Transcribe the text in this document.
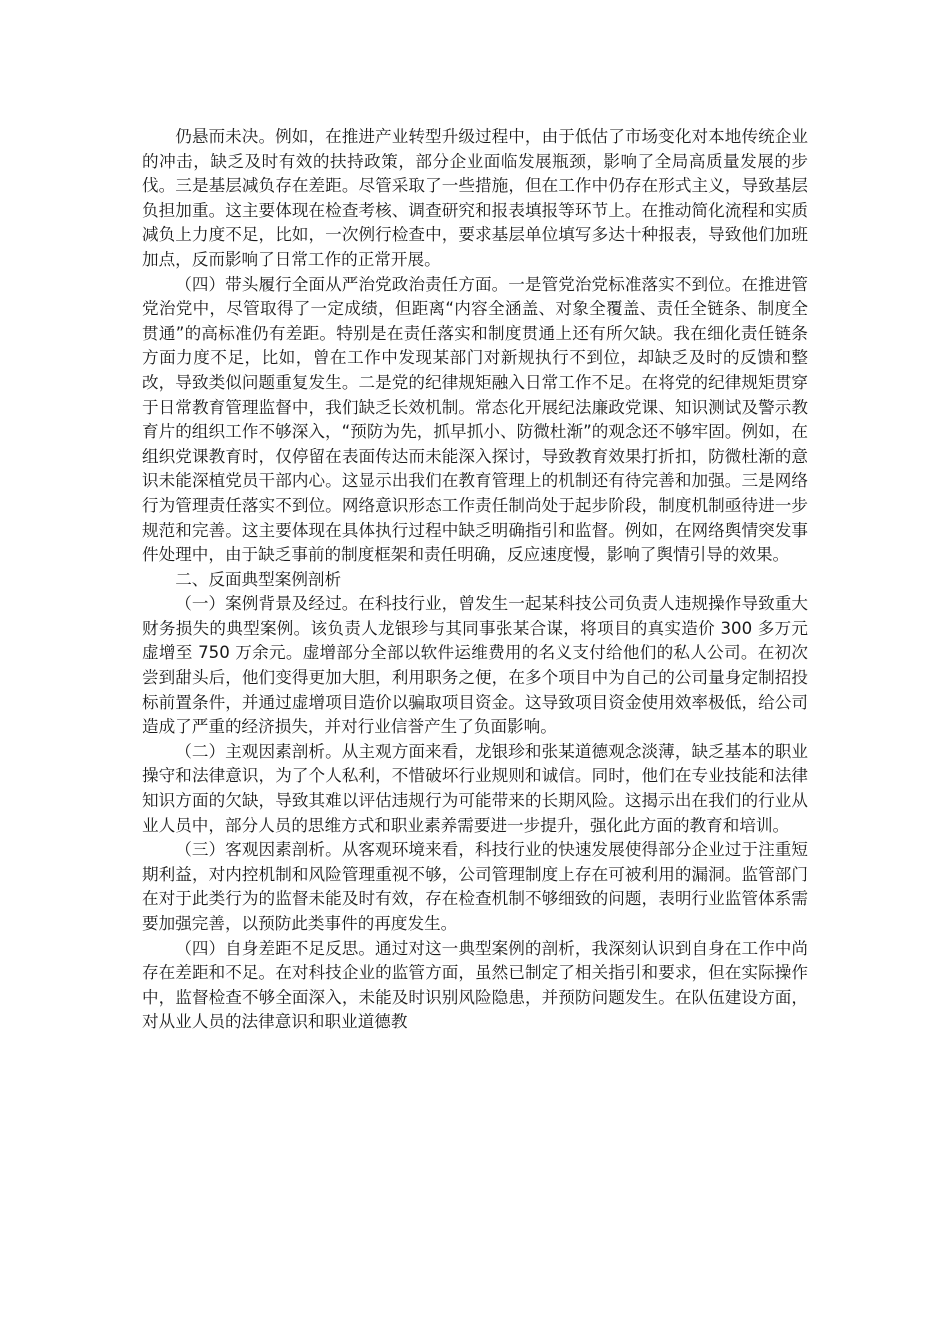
仍悬而未决。例如，在推进产业转型升级过程中，由于低估了市场变化对本地传统企业的冲击，缺乏及时有效的扶持政策，部分企业面临发展瓶颈，影响了全局高质量发展的步伐。三是基层减负存在差距。尽管采取了一些措施，但在工作中仍存在形式主义，导致基层负担加重。这主要体现在检查考核、调查研究和报表填报等环节上。在推动简化流程和实质减负上力度不足，比如，一次例行检查中，要求基层单位填写多达十种报表，导致他们加班加点，反而影响了日常工作的正常开展。

（四）带头履行全面从严治党政治责任方面。一是管党治党标准落实不到位。在推进管党治党中，尽管取得了一定成绩，但距离“内容全涵盖、对象全覆盖、责任全链条、制度全贯通”的高标准仍有差距。特别是在责任落实和制度贯通上还有所欠缺。我在细化责任链条方面力度不足，比如，曾在工作中发现某部门对新规执行不到位，却缺乏及时的反馈和整改，导致类似问题重复发生。二是党的纪律规矩融入日常工作不足。在将党的纪律规矩贯穿于日常教育管理监督中，我们缺乏长效机制。常态化开展纪法廉政党课、知识测试及警示教育片的组织工作不够深入，“预防为先，抓早抓小、防微杜渐”的观念还不够牢固。例如，在组织党课教育时，仅停留在表面传达而未能深入探讨，导致教育效果打折扣，防微杜渐的意识未能深植党员干部内心。这显示出我们在教育管理上的机制还有待完善和加强。三是网络行为管理责任落实不到位。网络意识形态工作责任制尚处于起步阶段，制度机制亟待进一步规范和完善。这主要体现在具体执行过程中缺乏明确指引和监督。例如，在网络舆情突发事件处理中，由于缺乏事前的制度框架和责任明确，反应速度慢，影响了舆情引导的效果。

二、反面典型案例剖析

（一）案例背景及经过。在科技行业，曾发生一起某科技公司负责人违规操作导致重大财务损失的典型案例。该负责人龙银珍与其同事张某合谋，将项目的真实造价 300 多万元虚增至 750 万余元。虚增部分全部以软件运维费用的名义支付给他们的私人公司。在初次尝到甜头后，他们变得更加大胆，利用职务之便，在多个项目中为自己的公司量身定制招投标前置条件，并通过虚增项目造价以骗取项目资金。这导致项目资金使用效率极低，给公司造成了严重的经济损失，并对行业信誉产生了负面影响。

（二）主观因素剖析。从主观方面来看，龙银珍和张某道德观念淡薄，缺乏基本的职业操守和法律意识，为了个人私利，不惜破坏行业规则和诚信。同时，他们在专业技能和法律知识方面的欠缺，导致其难以评估违规行为可能带来的长期风险。这揭示出在我们的行业从业人员中，部分人员的思维方式和职业素养需要进一步提升，强化此方面的教育和培训。

（三）客观因素剖析。从客观环境来看，科技行业的快速发展使得部分企业过于注重短期利益，对内控机制和风险管理重视不够，公司管理制度上存在可被利用的漏洞。监管部门在对于此类行为的监督未能及时有效，存在检查机制不够细致的问题，表明行业监管体系需要加强完善，以预防此类事件的再度发生。

（四）自身差距不足反思。通过对这一典型案例的剖析，我深刻认识到自身在工作中尚存在差距和不足。在对科技企业的监管方面，虽然已制定了相关指引和要求，但在实际操作中，监督检查不够全面深入，未能及时识别风险隐患，并预防问题发生。在队伍建设方面，对从业人员的法律意识和职业道德教
